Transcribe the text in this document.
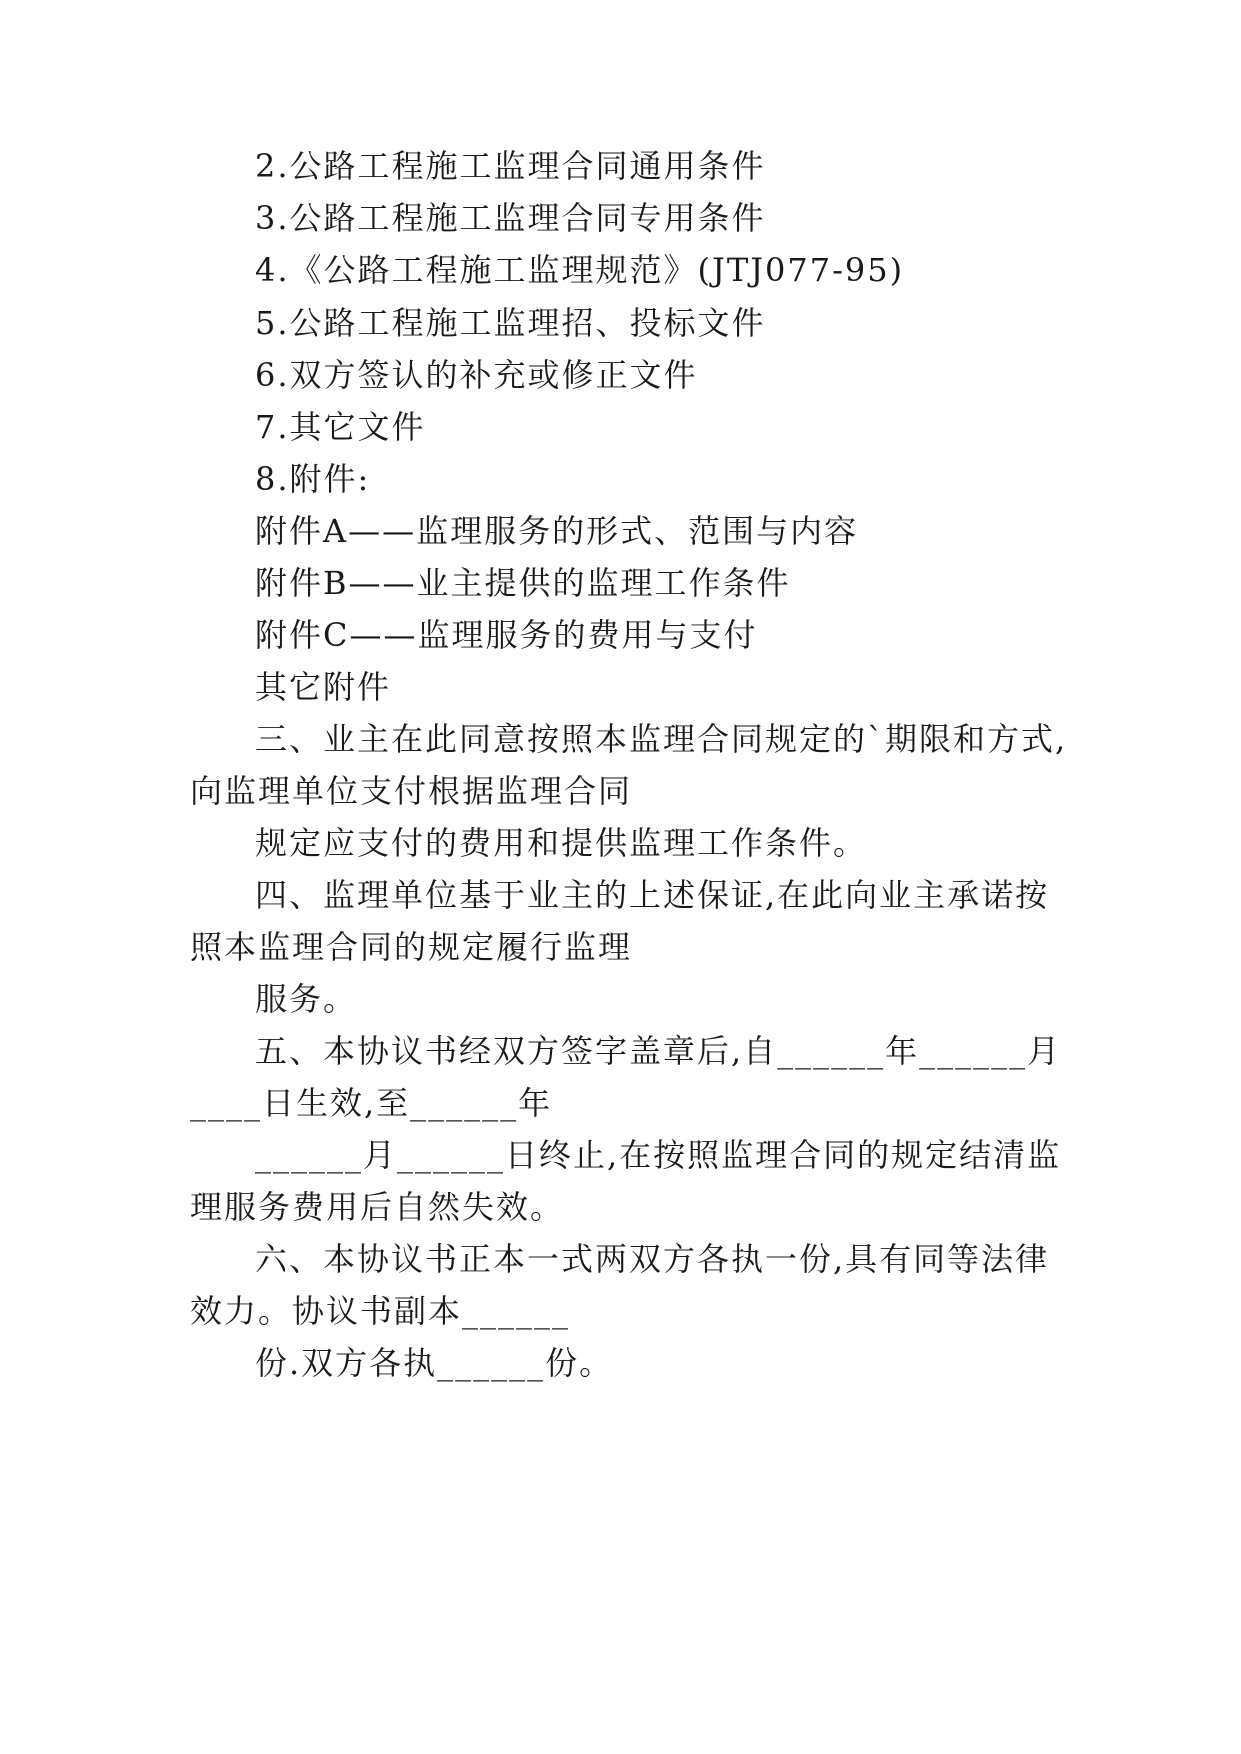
2.公路工程施工监理合同通用条件
3.公路工程施工监理合同专用条件
4.《公路工程施工监理规范》(JTJ077-95)
5.公路工程施工监理招、投标文件
6.双方签认的补充或修正文件
7.其它文件
8.附件:
附件A——监理服务的形式、范围与内容
附件B——业主提供的监理工作条件
附件C——监理服务的费用与支付
其它附件
三、业主在此同意按照本监理合同规定的`期限和方式,
向监理单位支付根据监理合同
规定应支付的费用和提供监理工作条件。
四、监理单位基于业主的上述保证,在此向业主承诺按
照本监理合同的规定履行监理
服务。
五、本协议书经双方签字盖章后,自______年______月
____日生效,至______年
______月______日终止,在按照监理合同的规定结清监
理服务费用后自然失效。
六、本协议书正本一式两双方各执一份,具有同等法律
效力。协议书副本______
份.双方各执______份。
